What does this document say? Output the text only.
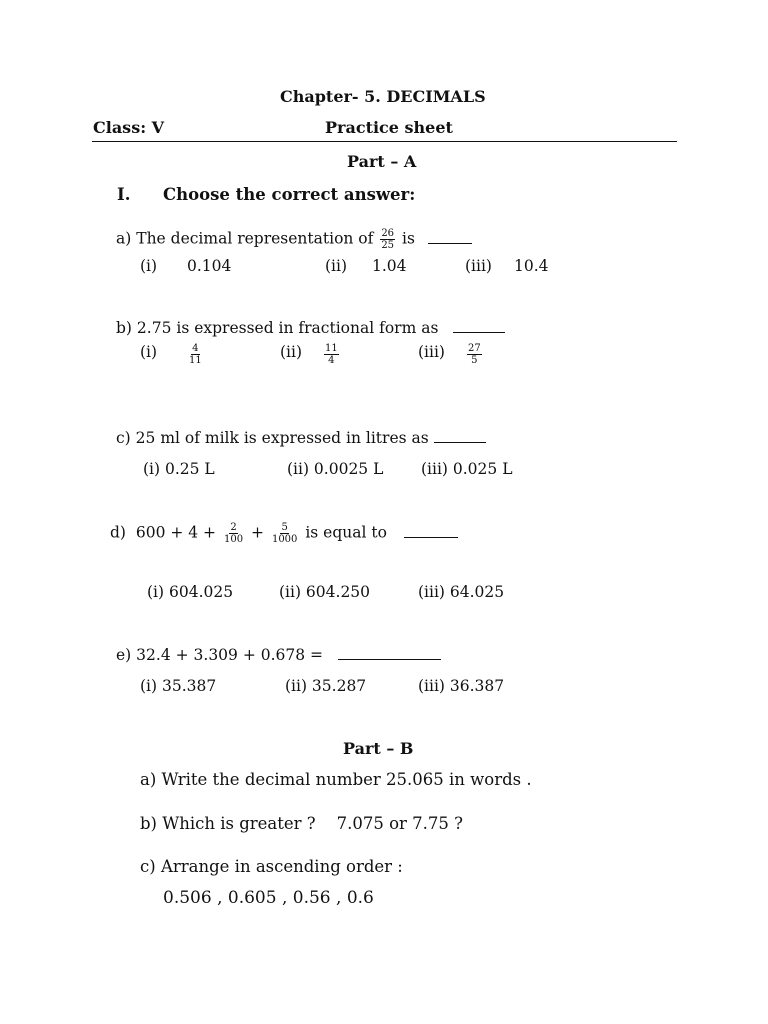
Chapter- 5. DECIMALS
Class: V	Practice sheet
Part – A
I. Choose the correct answer:
a) The decimal representation of $\frac{26}{25}$ is
(i) 0.104	(ii) 1.04	(iii) 10.4
b) 2.75 is expressed in fractional form as
(i)	$\frac{4}{11}$	$(ii) \frac{11}{4}$	$(iii) \frac{27}{5}$
c) 25 ml of milk is expressed in litres as
(i) 0.25 L	(ii) 0.0025 L (iii) 0.025 L
d) $600 + 4 + \frac{2}{100} + \frac{5}{1000}$ is equal to
(i) 604.025	(ii) 604.250	(iii) 64.025
e) 32.4 + 3.309 + 0.678 =
(i) 35.387	(ii) 35.287	(iii) 36.387
Part – B
a) Write the decimal number 25.065 in words .
b) Which is greater ?    7.075 or 7.75 ?
c) Arrange in ascending order :
0.506 , 0.605 , 0.56 , 0.6
